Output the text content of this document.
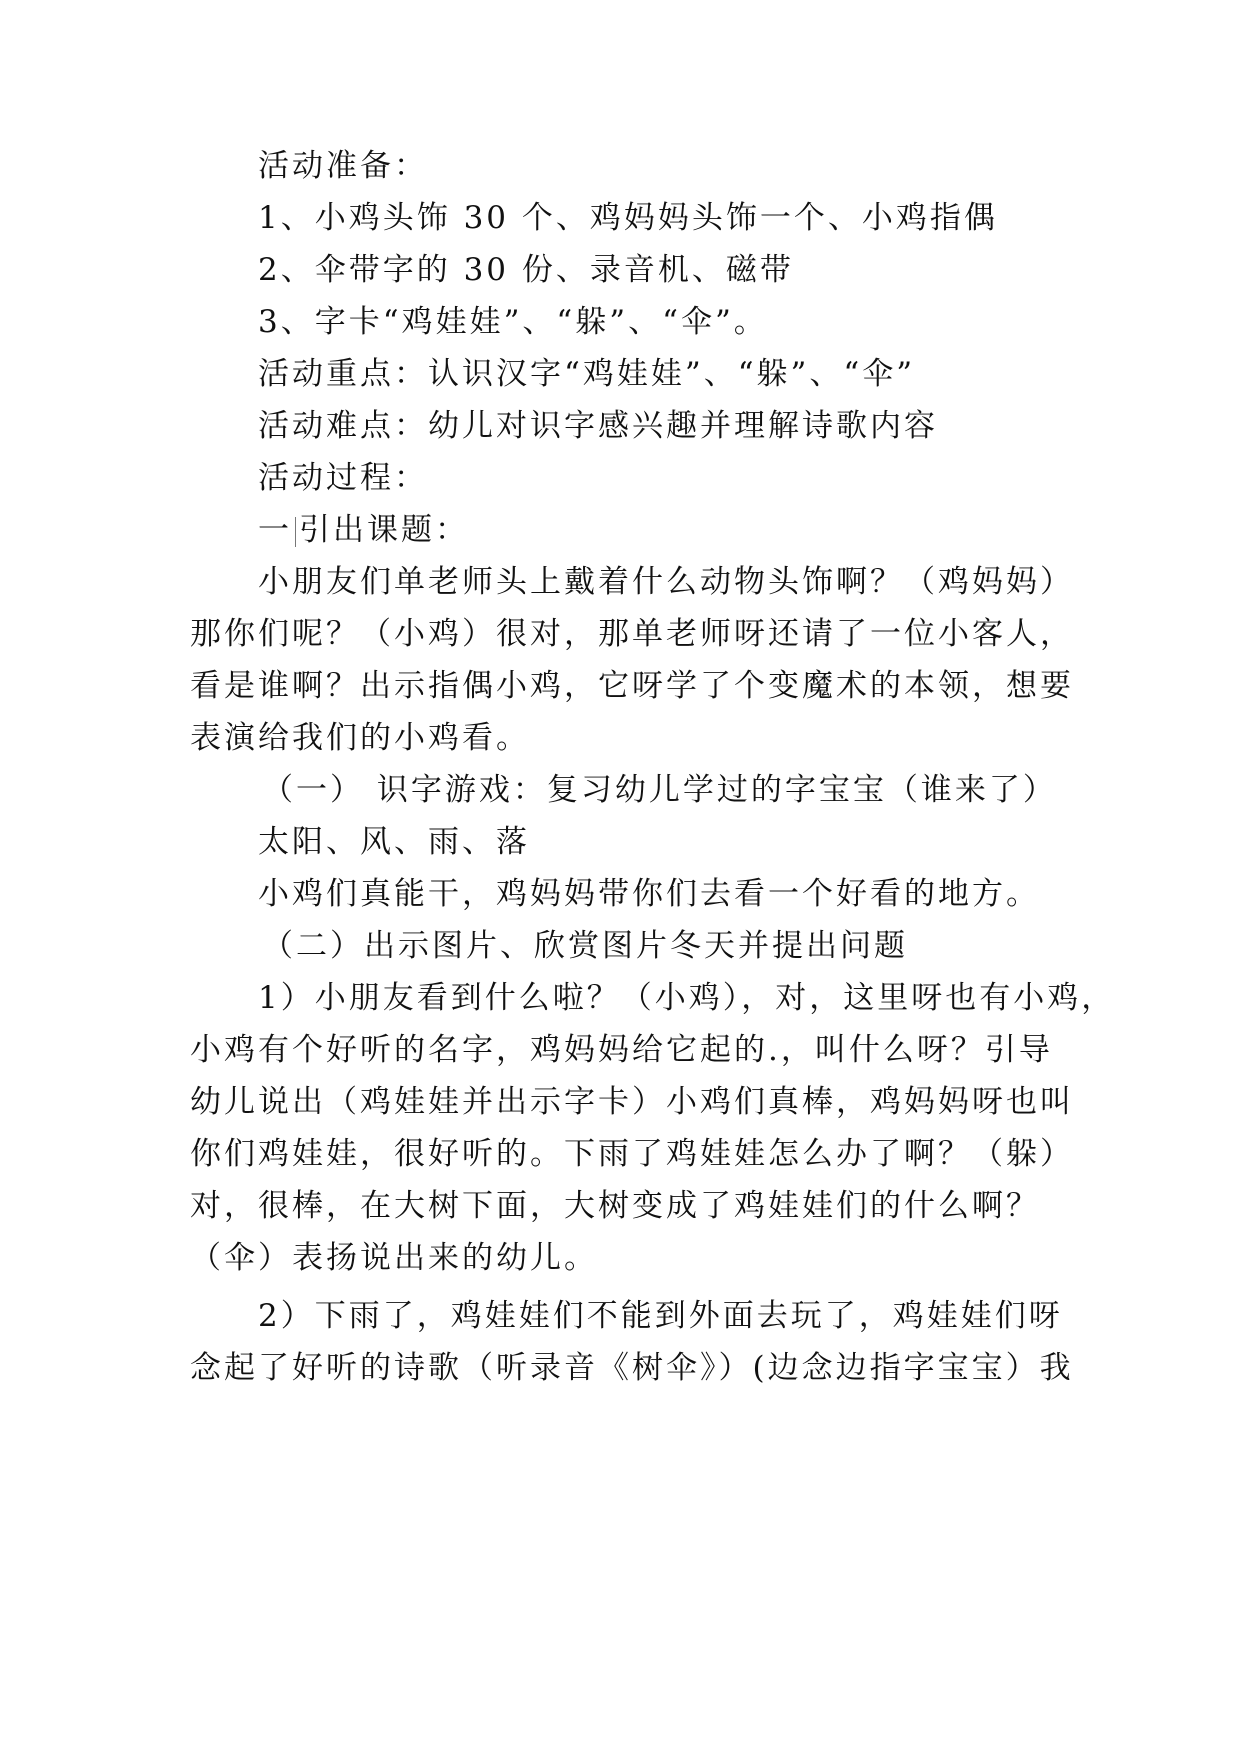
活动准备：
1、小鸡头饰 30 个、鸡妈妈头饰一个、小鸡指偶
2、伞带字的 30 份、录音机、磁带
3、字卡“鸡娃娃”、“躲”、“伞”。
活动重点：认识汉字“鸡娃娃”、“躲”、“伞”
活动难点：幼儿对识字感兴趣并理解诗歌内容
活动过程：
一 引出课题：
小朋友们单老师头上戴着什么动物头饰啊？（鸡妈妈）
那你们呢？（小鸡）很对，那单老师呀还请了一位小客人，
看是谁啊？出示指偶小鸡，它呀学了个变魔术的本领，想要
表演给我们的小鸡看。
（一） 识字游戏：复习幼儿学过的字宝宝（谁来了）
太阳、风、雨、落
小鸡们真能干，鸡妈妈带你们去看一个好看的地方。
（二）出示图片、欣赏图片冬天并提出问题
1）小朋友看到什么啦？（小鸡），对，这里呀也有小鸡，
小鸡有个好听的名字，鸡妈妈给它起的.，叫什么呀？引导
幼儿说出（鸡娃娃并出示字卡）小鸡们真棒，鸡妈妈呀也叫
你们鸡娃娃，很好听的。下雨了鸡娃娃怎么办了啊？（躲）
对，很棒，在大树下面，大树变成了鸡娃娃们的什么啊？
（伞）表扬说出来的幼儿。
2）下雨了，鸡娃娃们不能到外面去玩了，鸡娃娃们呀
念起了好听的诗歌（听录音《树伞》）(边念边指字宝宝）我
